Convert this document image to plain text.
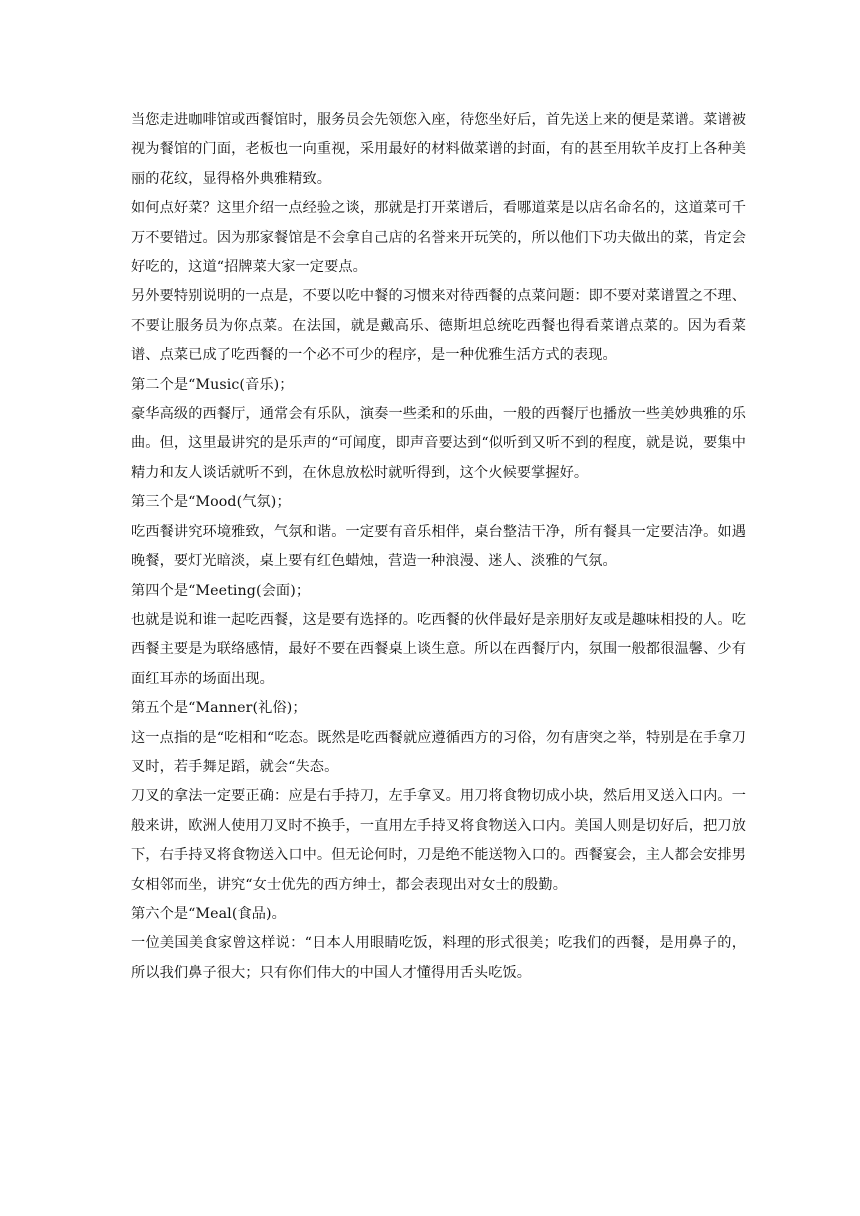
当您走进咖啡馆或西餐馆时，服务员会先领您入座，待您坐好后，首先送上来的便是菜谱。菜谱被视为餐馆的门面，老板也一向重视，采用最好的材料做菜谱的封面，有的甚至用软羊皮打上各种美丽的花纹，显得格外典雅精致。

如何点好菜？这里介绍一点经验之谈，那就是打开菜谱后，看哪道菜是以店名命名的，这道菜可千万不要错过。因为那家餐馆是不会拿自己店的名誉来开玩笑的，所以他们下功夫做出的菜，肯定会好吃的，这道“招牌菜大家一定要点。

另外要特别说明的一点是，不要以吃中餐的习惯来对待西餐的点菜问题：即不要对菜谱置之不理、不要让服务员为你点菜。在法国，就是戴高乐、德斯坦总统吃西餐也得看菜谱点菜的。因为看菜谱、点菜已成了吃西餐的一个必不可少的程序，是一种优雅生活方式的表现。

第二个是“Music(音乐)；

豪华高级的西餐厅，通常会有乐队，演奏一些柔和的乐曲，一般的西餐厅也播放一些美妙典雅的乐曲。但，这里最讲究的是乐声的“可闻度，即声音要达到“似听到又听不到的程度，就是说，要集中精力和友人谈话就听不到，在休息放松时就听得到，这个火候要掌握好。

第三个是“Mood(气氛)；

吃西餐讲究环境雅致，气氛和谐。一定要有音乐相伴，桌台整洁干净，所有餐具一定要洁净。如遇晚餐，要灯光暗淡，桌上要有红色蜡烛，营造一种浪漫、迷人、淡雅的气氛。

第四个是“Meeting(会面)；

也就是说和谁一起吃西餐，这是要有选择的。吃西餐的伙伴最好是亲朋好友或是趣味相投的人。吃西餐主要是为联络感情，最好不要在西餐桌上谈生意。所以在西餐厅内，氛围一般都很温馨、少有面红耳赤的场面出现。

第五个是“Manner(礼俗)；

这一点指的是“吃相和“吃态。既然是吃西餐就应遵循西方的习俗，勿有唐突之举，特别是在手拿刀叉时，若手舞足蹈，就会“失态。

刀叉的拿法一定要正确：应是右手持刀，左手拿叉。用刀将食物切成小块，然后用叉送入口内。一般来讲，欧洲人使用刀叉时不换手，一直用左手持叉将食物送入口内。美国人则是切好后，把刀放下，右手持叉将食物送入口中。但无论何时，刀是绝不能送物入口的。西餐宴会，主人都会安排男女相邻而坐，讲究“女士优先的西方绅士，都会表现出对女士的殷勤。

第六个是“Meal(食品)。

一位美国美食家曾这样说：“日本人用眼睛吃饭，料理的形式很美；吃我们的西餐，是用鼻子的，所以我们鼻子很大；只有你们伟大的中国人才懂得用舌头吃饭。
